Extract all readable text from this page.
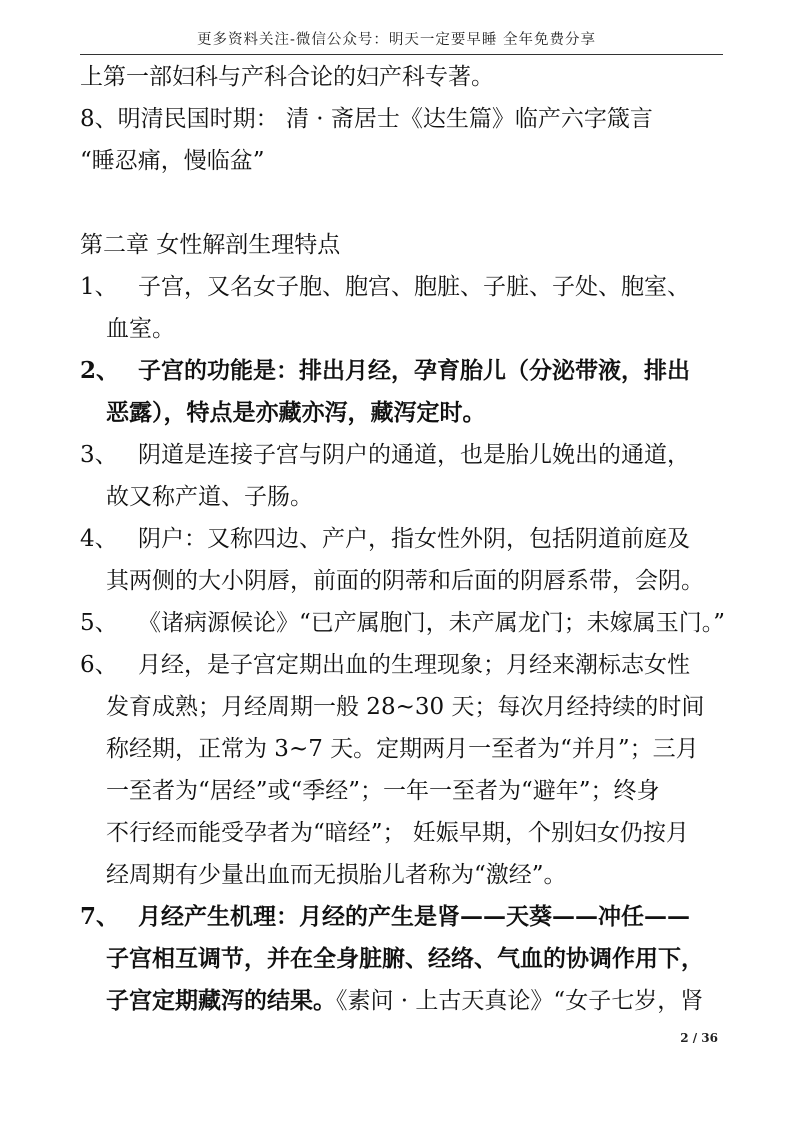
更多资料关注-微信公众号：明天一定要早睡 全年免费分享
上第一部妇科与产科合论的妇产科专著。
8、明清民国时期： 清 · 斋居士《达生篇》临产六字箴言
“睡忍痛，慢临盆”
第二章 女性解剖生理特点
1、 子宫，又名女子胞、胞宫、胞脏、子脏、子处、胞室、
血室。
2、 子宫的功能是：排出月经，孕育胎儿（分泌带液，排出
恶露），特点是亦藏亦泻，藏泻定时。
3、 阴道是连接子宫与阴户的通道，也是胎儿娩出的通道，
故又称产道、子肠。
4、 阴户：又称四边、产户，指女性外阴，包括阴道前庭及
其两侧的大小阴唇，前面的阴蒂和后面的阴唇系带，会阴。
5、 《诸病源候论》“已产属胞门，未产属龙门；未嫁属玉门。”
6、 月经，是子宫定期出血的生理现象；月经来潮标志女性
发育成熟；月经周期一般 28~30 天；每次月经持续的时间
称经期，正常为 3~7 天。定期两月一至者为“并月”；三月
一至者为“居经”或“季经”；一年一至者为“避年”；终身
不行经而能受孕者为“暗经”； 妊娠早期，个别妇女仍按月
经周期有少量出血而无损胎儿者称为“激经”。
7、 月经产生机理：月经的产生是肾——天葵——冲任——
子宫相互调节，并在全身脏腑、经络、气血的协调作用下，
子宫定期藏泻的结果。《素问 · 上古天真论》“女子七岁，肾
2 / 36
